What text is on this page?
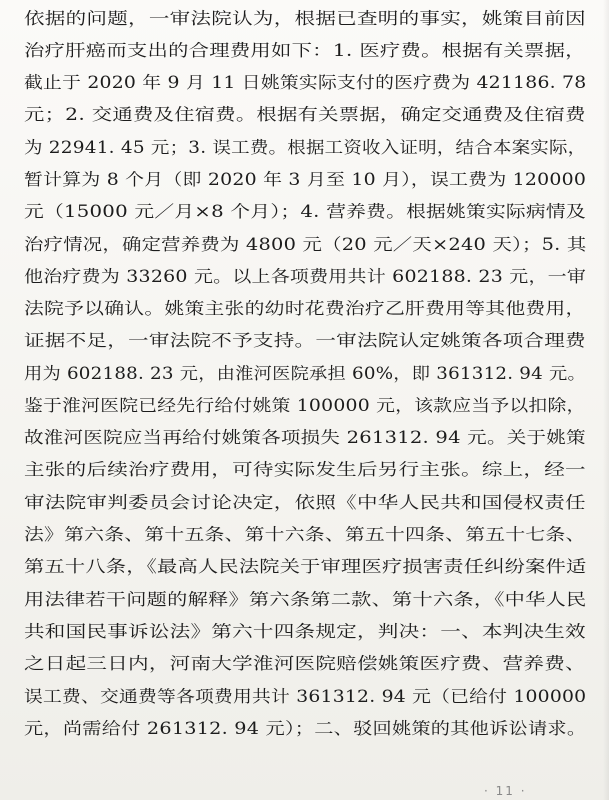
依据的问题，一审法院认为，根据已查明的事实，姚策目前因
治疗肝癌而支出的合理费用如下：1. 医疗费。根据有关票据，
截止于 2020 年 9 月 11 日姚策实际支付的医疗费为 421186. 78
元；2. 交通费及住宿费。根据有关票据，确定交通费及住宿费
为 22941. 45 元；3. 误工费。根据工资收入证明，结合本案实际，
暂计算为 8 个月（即 2020 年 3 月至 10 月），误工费为 120000
元（15000 元／月×8 个月）；4. 营养费。根据姚策实际病情及
治疗情况，确定营养费为 4800 元（20 元／天×240 天）；5. 其
他治疗费为 33260 元。以上各项费用共计 602188. 23 元，一审
法院予以确认。姚策主张的幼时花费治疗乙肝费用等其他费用，
证据不足，一审法院不予支持。一审法院认定姚策各项合理费
用为 602188. 23 元，由淮河医院承担 60%，即 361312. 94 元。
鉴于淮河医院已经先行给付姚策 100000 元，该款应当予以扣除，
故淮河医院应当再给付姚策各项损失 261312. 94 元。关于姚策
主张的后续治疗费用，可待实际发生后另行主张。综上，经一
审法院审判委员会讨论决定，依照《中华人民共和国侵权责任
法》第六条、第十五条、第十六条、第五十四条、第五十七条、
第五十八条，《最高人民法院关于审理医疗损害责任纠纷案件适
用法律若干问题的解释》第六条第二款、第十六条，《中华人民
共和国民事诉讼法》第六十四条规定，判决：一、本判决生效
之日起三日内，河南大学淮河医院赔偿姚策医疗费、营养费、
误工费、交通费等各项费用共计 361312. 94 元（已给付 100000
元，尚需给付 261312. 94 元）；二、驳回姚策的其他诉讼请求。
· 11 ·
